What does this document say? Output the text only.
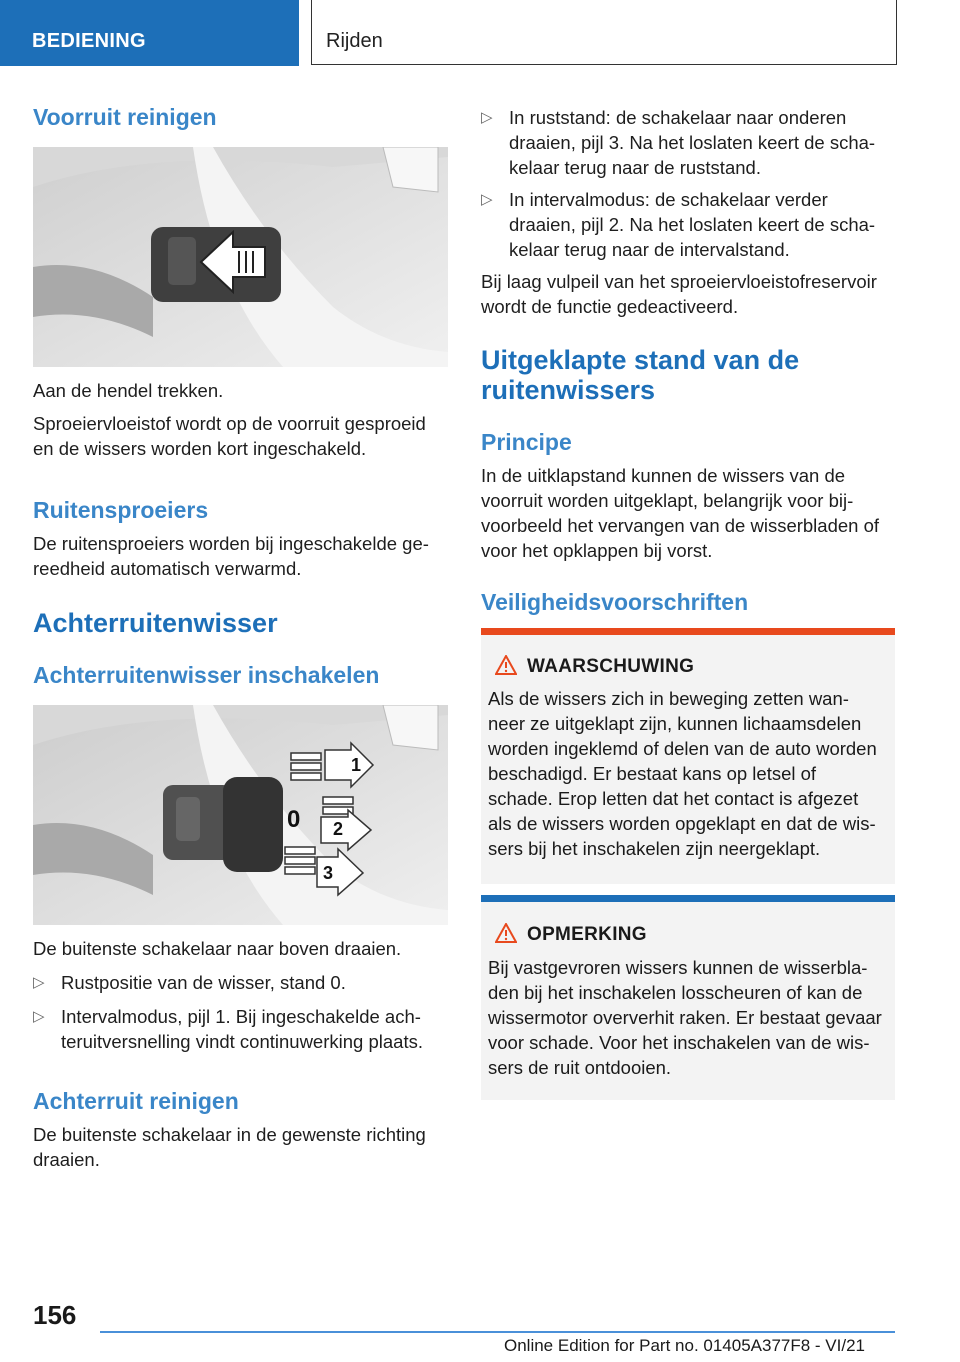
BEDIENING	Rijden
Voorruit reinigen

Aan de hendel trekken.

Sproeiervloeistof wordt op de voorruit gesproeid

en de wissers worden kort ingeschakeld.

Ruitensproeiers

De ruitensproeiers worden bij ingeschakelde ge-

reedheid automatisch verwarmd.

Achterruitenwisser
Achterruitenwisser inschakelen
1
0 2
3

De buitenste schakelaar naar boven draaien.

▷ Rustpositie van de wisser, stand 0.
▷ Intervalmodus, pijl 1. Bij ingeschakelde ach-
teruitversnelling vindt continuwerking plaats.
Achterruit reinigen

De buitenste schakelaar in de gewenste richting

draaien.

▷ In ruststand: de schakelaar naar onderen
draaien, pijl 3. Na het loslaten keert de scha-
kelaar terug naar de ruststand.
▷ In intervalmodus: de schakelaar verder
draaien, pijl 2. Na het loslaten keert de scha-
kelaar terug naar de intervalstand.

Bij laag vulpeil van het sproeiervloeistofreservoir

wordt de functie gedeactiveerd.

Uitgeklapte stand van de
ruitenwissers
Principe

In de uitklapstand kunnen de wissers van de

voorruit worden uitgeklapt, belangrijk voor bij-

voorbeeld het vervangen van de wisserbladen of

voor het opklappen bij vorst.

Veiligheidsvoorschriften
WAARSCHUWING
Als de wissers zich in beweging zetten wan-
neer ze uitgeklapt zijn, kunnen lichaamsdelen
worden ingeklemd of delen van de auto worden
beschadigd. Er bestaat kans op letsel of
schade. Erop letten dat het contact is afgezet
als de wissers worden opgeklapt en dat de wis-
sers bij het inschakelen zijn neergeklapt.
OPMERKING
Bij vastgevroren wissers kunnen de wisserbla-
den bij het inschakelen losscheuren of kan de
wissermotor oververhit raken. Er bestaat gevaar
voor schade. Voor het inschakelen van de wis-
sers de ruit ontdooien.
156
Online Edition for Part no. 01405A377F8 - VI/21
